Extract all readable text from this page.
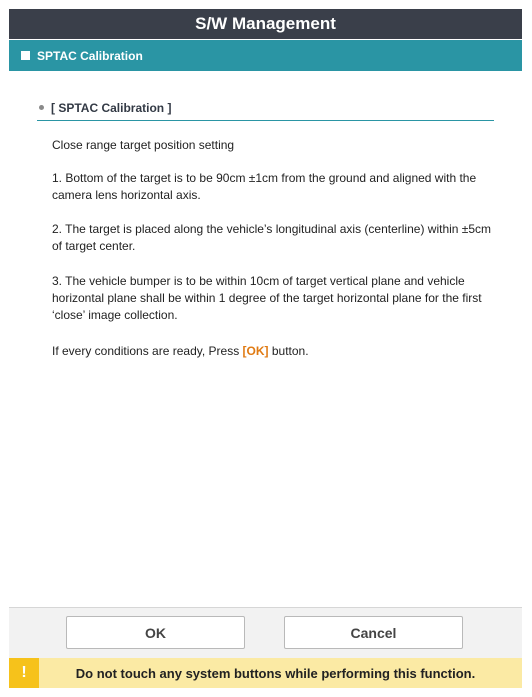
S/W Management
SPTAC Calibration
[ SPTAC Calibration ]
Close range target position setting
1. Bottom of the target is to be 90cm ±1cm from the ground and aligned with the camera lens horizontal axis.
2. The target is placed along the vehicle’s longitudinal axis (centerline) within ±5cm of target center.
3. The vehicle bumper is to be within 10cm of target vertical plane and vehicle horizontal plane shall be within 1 degree of the target horizontal plane for the first ‘close’ image collection.
If every conditions are ready, Press [OK] button.
OK	Cancel
!	Do not touch any system buttons while performing this function.
